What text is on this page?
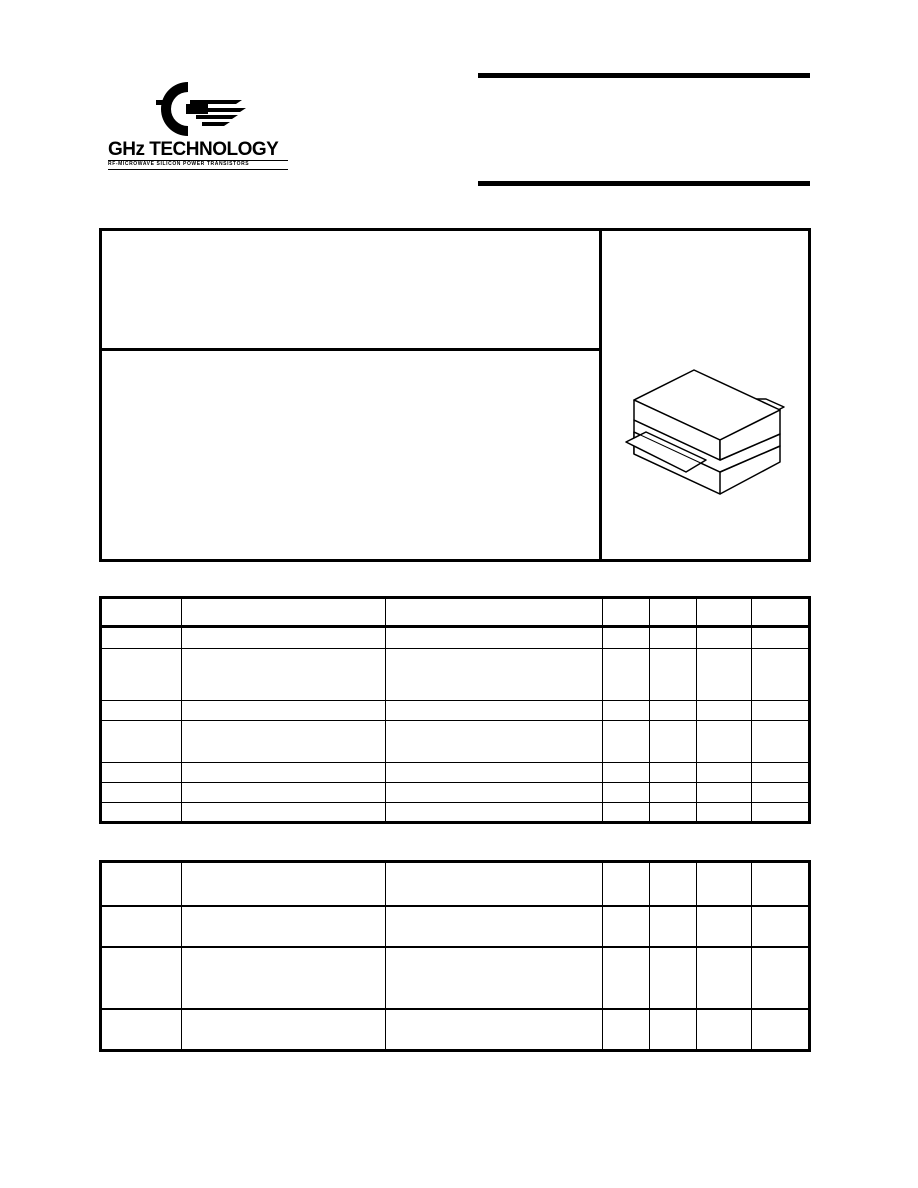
GHz TECHNOLOGY
RF-MICROWAVE SILICON POWER TRANSISTORS
